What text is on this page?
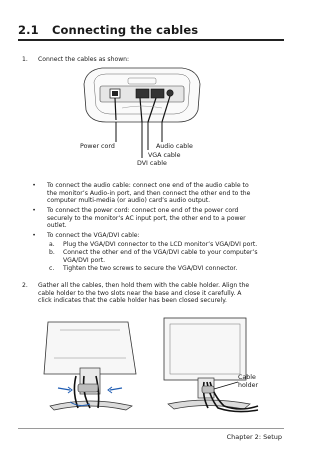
2.1 Connecting the cables
1. Connect the cables as shown:
Power cord	Audio cable
VGA cable
DVI cable
•	To connect the audio cable: connect one end of the audio cable to
the monitor’s Audio-in port, and then connect the other end to the
computer multi-media (or audio) card’s audio output.
•	To connect the power cord: connect one end of the power cord
securely to the monitor’s AC input port, the other end to a power
outlet.
•	To connect the VGA/DVI cable:
a. Plug the VGA/DVI connector to the LCD monitor’s VGA/DVI port.
b. Connect the other end of the VGA/DVI cable to your computer’s
VGA/DVI port.
c. Tighten the two screws to secure the VGA/DVI connector.
2. Gather all the cables, then hold them with the cable holder. Align the
cable holder to the two slots near the base and close it carefully. A
click indicates that the cable holder has been closed securely.
Cable
holder
Chapter 2: Setup
